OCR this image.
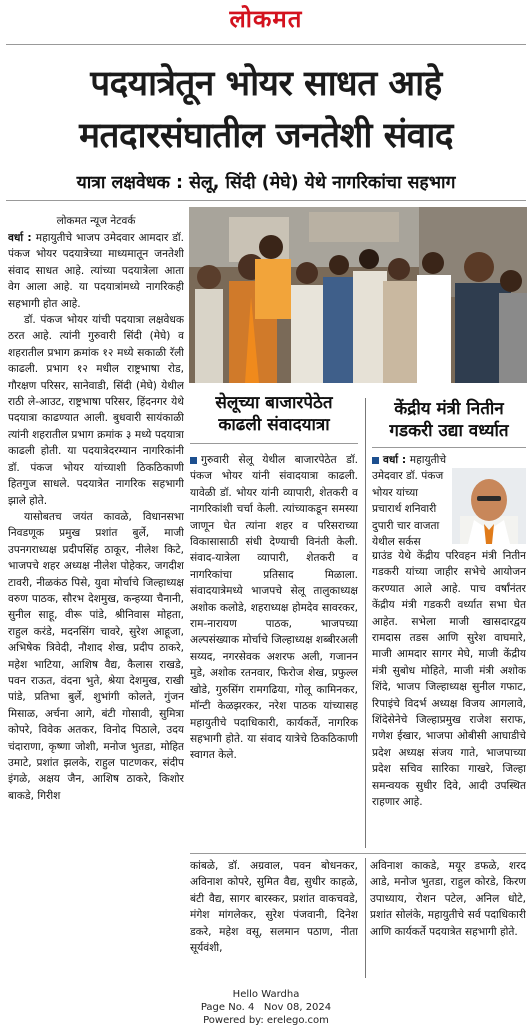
लोकमत
पदयात्रेतून भोयर साधत आहे
मतदारसंघातील जनतेशी संवाद
यात्रा लक्षवेधक : सेलू, सिंदी (मेघे) येथे नागरिकांचा सहभाग
लोकमत न्यूज नेटवर्क

वर्धा : महायुतीचे भाजप उमेदवार आमदार डॉ. पंकज भोयर पदयात्रेच्या माध्यमातून जनतेशी संवाद साधत आहे. त्यांच्या पदयात्रेला आता वेग आला आहे. या पदयात्रांमध्ये नागरिकही सहभागी होत आहे.

डॉ. पंकज भोयर यांची पदयात्रा लक्षवेधक ठरत आहे. त्यांनी गुरुवारी सिंदी (मेघे) व शहरातील प्रभाग क्रमांक १२ मध्ये सकाळी रॅली काढली. प्रभाग १२ मधील राष्ट्रभाषा रोड, गौरक्षण परिसर, सानेवाडी, सिंदी (मेघे) येथील राठी ले-आउट, राष्ट्रभाषा परिसर, हिंदनगर येथे पदयात्रा काढण्यात आली. बुधवारी सायंकाळी त्यांनी शहरातील प्रभाग क्रमांक ३ मध्ये पदयात्रा काढली होती. या पदयात्रेदरम्यान नागरिकांनी डॉ. पंकज भोयर यांच्याशी ठिकठिकाणी हितगुज साधले. पदयात्रेत नागरिक सहभागी झाले होते.

यासोबतच जयंत कावळे, विधानसभा निवडणूक प्रमुख प्रशांत बुर्ले, माजी उपनगराध्यक्ष प्रदीपसिंह ठाकूर, नीलेश किटे, भाजपचे शहर अध्यक्ष नीलेश पोहेकर, जगदीश टावरी, नीळकंठ पिसे, युवा मोर्चाचे जिल्हाध्यक्ष वरुण पाठक, सौरभ देशमुख, कन्हय्या चैनानी, सुनील साहू, वीरू पांडे, श्रीनिवास मोहता, राहुल करंडे, मदनसिंग चावरे, सुरेश आहूजा, अभिषेक त्रिवेदी, नौशाद शेख, प्रदीप ठाकरे, महेश भाटिया, आशिष वैद्य, कैलास राखडे, पवन राऊत, वंदना भुते, श्रेया देशमुख, राखी पांडे, प्रतिभा बुर्ले, शुभांगी कोलते, गुंजन मिसाळ, अर्चना आगे, बंटी गोसावी, सुमित्रा कोपरे, विवेक अतकर, विनोद पिठाले, उदय चंदाराणा, कृष्णा जोशी, मनोज भुतडा, मोहित उमाटे, प्रशांत झलके, राहुल पाटणकर, संदीप इंगळे, अक्षय जैन, आशिष ठाकरे, किशोर बाकडे, गिरीश

सेलूच्या बाजारपेठेत
काढली संवादयात्रा

गुरुवारी सेलू येथील बाजारपेठेत डॉ. पंकज भोयर यांनी संवादयात्रा काढली. यावेळी डॉ. भोयर यांनी व्यापारी, शेतकरी व नागरिकांशी चर्चा केली. त्यांच्याकडून समस्या जाणून घेत त्यांना शहर व परिसराच्या विकासासाठी संधी देण्याची विनंती केली. संवाद-यात्रेला व्यापारी, शेतकरी व नागरिकांचा प्रतिसाद मिळाला. संवादयात्रेमध्ये भाजपचे सेलू तालुकाध्यक्ष अशोक कलोडे, शहराध्यक्ष होमदेव सावरकर, राम-नारायण पाठक, भाजपच्या अल्पसंख्याक मोर्चाचे जिल्हाध्यक्ष शब्बीरअली सय्यद, नगरसेवक अशरफ अली, गजानन मुडे, अशोक रतनवार, फिरोज शेख, प्रफुल्ल खोडे, गुरुसिंग रामगढिया, गोलू कामिनकर, मॉन्टी केळझरकर, नरेश पाठक यांच्यासह महायुतीचे पदाधिकारी, कार्यकर्ते, नागरिक सहभागी होते. या संवाद यात्रेचे ठिकठिकाणी स्वागत केले.

केंद्रीय मंत्री नितीन
गडकरी उद्या वर्ध्यात

वर्धा : महायुतीचे उमेदवार डॉ. पंकज भोयर यांच्या प्रचारार्थ शनिवारी दुपारी चार वाजता येथील सर्कस

ग्राउंड येथे केंद्रीय परिवहन मंत्री नितीन गडकरी यांच्या जाहीर सभेचे आयोजन करण्यात आले आहे. पाच वर्षांनंतर केंद्रीय मंत्री गडकरी वर्ध्यात सभा घेत आहेत. सभेला माजी खासदारद्वय रामदास तडस आणि सुरेश वाघमारे, माजी आमदार सागर मेघे, माजी केंद्रीय मंत्री सुबोध मोहिते, माजी मंत्री अशोक शिंदे, भाजप जिल्हाध्यक्ष सुनील गफाट, रिपाइंचे विदर्भ अध्यक्ष विजय आगलावे, शिंदेसेनेचे जिल्हाप्रमुख राजेश सराफ, गणेश ईखार, भाजपा ओबीसी आघाडीचे प्रदेश अध्यक्ष संजय गाते, भाजपाच्या प्रदेश सचिव सारिका गाखरे, जिल्हा समन्वयक सुधीर दिवे, आदी उपस्थित राहणार आहे.

कांबळे, डॉ. अग्रवाल, पवन बोधनकर, अविनाश कोपरे, सुमित वैद्य, सुधीर काहळे, बंटी वैद्य, सागर बारस्कर, प्रशांत वाकचवडे, मंगेश मांगलेकर, सुरेश पंजवानी, दिनेश डकरे, महेश वसू, सलमान पठाण, नीता सूर्यवंशी,

अविनाश काकडे, मयूर डफळे, शरद आडे, मनोज भुतडा, राहुल कोरडे, किरण उपाध्याय, रोशन पटेल, अनिल धोटे, प्रशांत सोलंके, महायुतीचे सर्व पदाधिकारी आणि कार्यकर्ते पदयात्रेत सहभागी होते.

Hello Wardha
Page No. 4 Nov 08, 2024
Powered by: erelego.com
